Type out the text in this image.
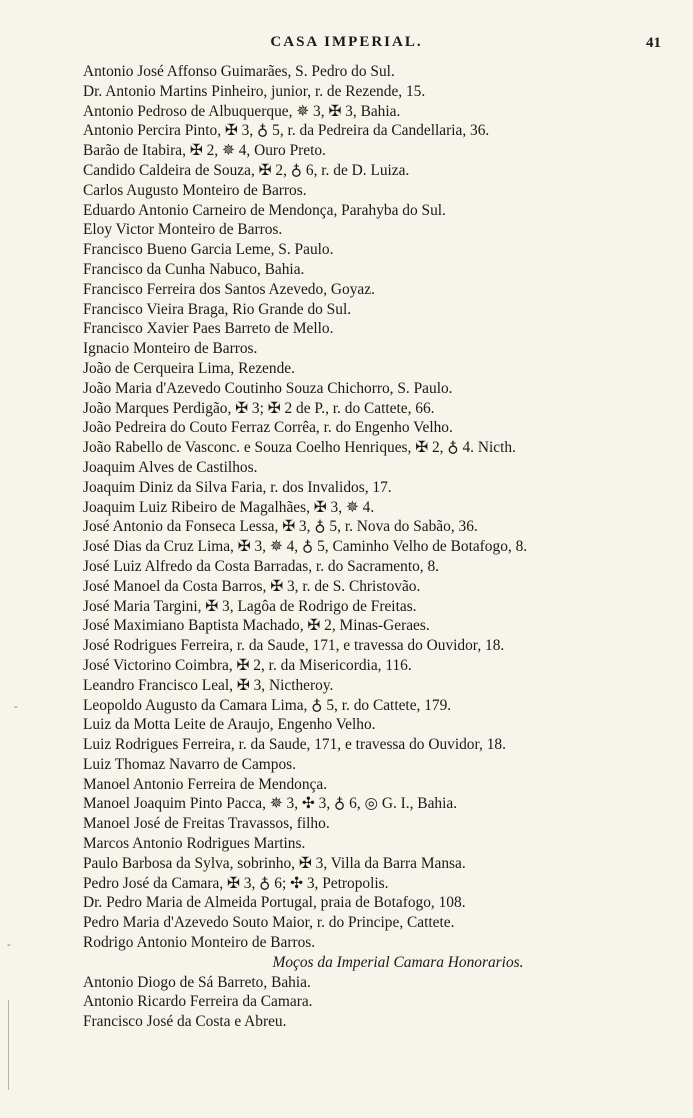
CASA IMPERIAL.	41
Antonio José Affonso Guimarães, S. Pedro do Sul.
Dr. Antonio Martins Pinheiro, junior, r. de Rezende, 15.
Antonio Pedroso de Albuquerque, ✵ 3, ✠ 3, Bahia.
Antonio Percira Pinto, ✠ 3, ♁ 5, r. da Pedreira da Candellaria, 36.
Barão de Itabira, ✠ 2, ✵ 4, Ouro Preto.
Candido Caldeira de Souza, ✠ 2, ♁ 6, r. de D. Luiza.
Carlos Augusto Monteiro de Barros.
Eduardo Antonio Carneiro de Mendonça, Parahyba do Sul.
Eloy Victor Monteiro de Barros.
Francisco Bueno Garcia Leme, S. Paulo.
Francisco da Cunha Nabuco, Bahia.
Francisco Ferreira dos Santos Azevedo, Goyaz.
Francisco Vieira Braga, Rio Grande do Sul.
Francisco Xavier Paes Barreto de Mello.
Ignacio Monteiro de Barros.
João de Cerqueira Lima, Rezende.
João Maria d'Azevedo Coutinho Souza Chichorro, S. Paulo.
João Marques Perdigão, ✠ 3; ✠ 2 de P., r. do Cattete, 66.
João Pedreira do Couto Ferraz Corrêa, r. do Engenho Velho.
João Rabello de Vasconc. e Souza Coelho Henriques, ✠ 2, ♁ 4. Nicth.
Joaquim Alves de Castilhos.
Joaquim Diniz da Silva Faria, r. dos Invalidos, 17.
Joaquim Luiz Ribeiro de Magalhães, ✠ 3, ✵ 4.
José Antonio da Fonseca Lessa, ✠ 3, ♁ 5, r. Nova do Sabão, 36.
José Dias da Cruz Lima, ✠ 3, ✵ 4, ♁ 5, Caminho Velho de Botafogo, 8.
José Luiz Alfredo da Costa Barradas, r. do Sacramento, 8.
José Manoel da Costa Barros, ✠ 3, r. de S. Christovão.
José Maria Targini, ✠ 3, Lagôa de Rodrigo de Freitas.
José Maximiano Baptista Machado, ✠ 2, Minas-Geraes.
José Rodrigues Ferreira, r. da Saude, 171, e travessa do Ouvidor, 18.
José Victorino Coimbra, ✠ 2, r. da Misericordia, 116.
Leandro Francisco Leal, ✠ 3, Nictheroy.
Leopoldo Augusto da Camara Lima, ♁ 5, r. do Cattete, 179.
Luiz da Motta Leite de Araujo, Engenho Velho.
Luiz Rodrigues Ferreira, r. da Saude, 171, e travessa do Ouvidor, 18.
Luiz Thomaz Navarro de Campos.
Manoel Antonio Ferreira de Mendonça.
Manoel Joaquim Pinto Pacca, ✵ 3, ✣ 3, ♁ 6, ◎ G. I., Bahia.
Manoel José de Freitas Travassos, filho.
Marcos Antonio Rodrigues Martins.
Paulo Barbosa da Sylva, sobrinho, ✠ 3, Villa da Barra Mansa.
Pedro José da Camara, ✠ 3, ♁ 6; ✣ 3, Petropolis.
Dr. Pedro Maria de Almeida Portugal, praia de Botafogo, 108.
Pedro Maria d'Azevedo Souto Maior, r. do Principe, Cattete.
Rodrigo Antonio Monteiro de Barros.
Moços da Imperial Camara Honorarios.
Antonio Diogo de Sá Barreto, Bahia.
Antonio Ricardo Ferreira da Camara.
Francisco José da Costa e Abreu.
-
-
